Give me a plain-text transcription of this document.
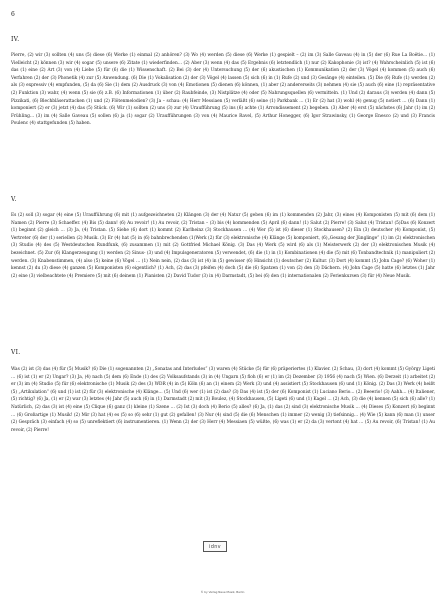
6
IV.
Pierre, (2) wir (3) sollten (4) uns (5) diese (6) Werke (1) einmal (2) anhören? (3) Wo (4) werden (5) diese (6) Werke (1) gespielt – (2) im (3) Salle Gaveau (4) in (5) der (6) Rue La Boëtie… (1) Vielleicht (2) können (3) wir (4) sogar (5) unsere (6) Zitate (1) wiederfinden… (2) Aber (3) wenn (4) das (5) Ergebnis (6) letztendlich (1) nur (2) Kakophonie (3) ist? (4) Wahrscheinlich (5) ist (6) das (1) eine (2) Art (3) von (4) Liebe (5) für (6) die (1) Wissenschaft. (2) Bei (3) der (4) Untersuchung (5) der (6) akustischen (1) Kommunikation (2) der (3) Vögel (4) kommen (5) auch (6) Verfahren (2) der (3) Phonetik (4) zur (5) Anwendung. (6) Die (1) Vokalisation (2) der (3) Vögel (4) lassen (5) sich (6) in (1) Rufe (2) und (3) Gesänge (4) einteilen. (5) Die (6) Rufe (1) werden (2) als (3) expressiv (4) empfunden, (5) da (6) Sie (1) dem (2) Ausdruck (3) von (4) Emotionen (5) dienen (6) können, (1) aber (2) andererseits (3) nehmen (4) sie (5) auch (6) eine (1) repräsentative (2) Funktion (3) wahr, (4) wenn (5) sie (6) z.B. (6) Informationen (1) über (2) Raubfeinde, (3) Nistplätze (4) oder (5) Nahrungsquellen (6) vermitteln. (1) Und (2) daraus (3) werden (4) dann (5) Pizzikati, (6) Blechbläserattacken (1) und (2) Flötenmelodien? (3) Ja – schau: (4) Herr Messiaen (5) verläßt (6) seine (1) Parkbank … (1) Er (2) hat (3) wohl (4) genug (5) notiert … (6) Dann (1) komponiert (2) er (3) jetzt (4) das (5) Stück. (6) Wir (1) sollten (2) uns (3) zur (4) Uraufführung (5) ins (6) achte (1) Arrondissement (2) begeben. (3) Aber (4) erst (5) nächstes (6) Jahr (1) im (2) Frühling… (3) im (4) Salle Gaveau (5) sollen (6) ja (1) sogar (2) Uraufführungen (3) von (4) Maurice Ravel, (5) Arthur Honegger, (6) Igor Strawinsky, (1) George Enesco (2) und (3) Francis Poulenc (4) stattgefunden (5) haben.
V.
Es (2) soll (3) sogar (4) eine (5) Uraufführung (6) mit (1) aufgezeichneten (2) Klängen (3) der (4) Natur (5) geben (6) im (1) kommenden (2) Jahr, (3) eines (4) Komponisten (5) mit (6) dem (1) Namen (2) Pierre (3) Schaeffer. (4) Bis (5) dann! (6) Au revoir! (1) Au revoir, (2) Tristan – (3) bis (4) kommenden (5) April (6) dann! (1) Salut (2) Pierre! (3) Salut (4) Tristan! (5)Das (6) Konzert (1) beginnt (2) gleich … (3) Ja, (4) Tristan. (5) Siehe (6) dort (1) kommt (2) Karlheinz (3) Stockhausen … (4) Wer (5) ist (6) dieser (1) Stockhausen? (2) Ein (3) deutscher (4) Komponist, (5) Vertreter (6) der (1) seriellen (2) Musik. (3) Er (4) hat (5) in (6) bahnbrechenden (1)Werk (2) für (3) elektronische (4) Klänge (5) komponiert, (6)„Gesang der Jünglinge“ (1) im (2) elektronischen (3) Studio (4) des (5) Westdeutschen Rundfunk, (6) zusammen (1) mit (2) Gottfried Michael König. (3) Das (4) Werk (5) wird (6) als (1) Meisterwerk (2) der (3) elektronischen Musik (4) bezeichnet. (5) Zur (6) Klangerzeugung (1) werden (2) Sinus- (3) und (4) Impulsgeneratoren (5) verwendet, (6) die (1) in (1) Kombinationen (4) die (5) mit (6) Tonbandtechnik (1) manipuliert (2) werden. (3) Knabenstimmen, (4) also (5) keine (6) Vögel … (1) Nein nein, (2) das (3) ist (4) in (5) gewisser (6) Hinsicht (1) deutscher (2) Kultur. (3) Dort (4) kommt (5) John Cage? (6) Woher (1) kennst (2) du (3) diese (4) ganzen (5) Komponisten (6) eigentlich? (1) Ach, (2) das (3) pfeifen (4) doch (5) die (6) Spatzen (1) von (2) den (3) Dächern. (4) John Cage (5) hatte (6) letztes (1) Jahr (2) eine (3) vielbeachtete (4) Premiere (5) mit (6) deinem (1) Pianisten (2) David Tudor (3) in (4) Darmstadt, (5) bei (6) den (1) internationalen (2) Ferienkursen (3) für (4) Neue Musik.
VI.
Was (2) ist (3) das (4) für (5) Musik? (6) Die (1) sogenannten (2) „Sonatas and Interludes“ (3) waren (4) Stücke (5) für (6) präperiertes (1) Klavier. (2) Schau, (3) dort (4) kommt (5) György Ligeti … (6) ist (1) er (2) Ungar? (3) Ja, (4) nach (5) dem (6) Ende (1) des (2) Volksaufstands (3) in (4) Ungarn (5) floh (6) er (1) im (2) Dezember (3) 1956 (4) nach (5) Wien. (6) Derzeit (1) arbeitet (2) er (3) im (4) Studio (5) für (6) elektronische (1) Musik (2) des (3) WDR (4) in (5) Köln (6) an (1) einem (2) Werk (3) und (4) assistiert (5) Stockhausen (6) und (1) König. (2) Das (3) Werk (4) heißt (5) „Artikulation“ (6) und (1) ist (2) für (3) elektronische (4) Klänge… (5) Und (6) wer (1) ist (2) das? (3) Das (4) ist (5) der (6) Komponist (1) Luciano Berio… (2) Beeerio! (3) Aahh… (4) Italiener, (5) richtig? (6) Ja, (1) er (2) war (3) letztes (4) Jahr (5) auch (6) in (1) Darmstadt (2) mit (3) Boulez, (4) Stockhausen, (5) Ligeti (6) und (1) Kagel … (2) Ach, (3) die (4) kennen (5) sich (6) alle? (1) Natürlich, (2) das (3) ist (4) eine (5) Clique (6) ganz (1) kleine (1) Szene … (2) Ist (3) doch (4) Berio (5) alles? (6) Ja, (1) das (2) sind (3) elektronische Musik … (4) Dieses (5) Konzert (6) beginnt … (6) Großartige (1) Musik! (2) Mir (3) hat (4) es (5) so (6) sehr (1) gut (2) gefallen! (3) Nur (4) sind (5) die (6) Menschen (1) immer (2) wenig (3) tiefsinnig… (4) Wie (5) kann (6) man (1) unser (2) Gespräch (3) einfach (4) so (5) unreflektiert (6) instrumentieren. (1) Wenn (2) der (3) Herr (4) Messiaen (5) wüßte, (6) was (1) er (2) da (3) vertont (4) hat … (5) Au revoir, (6) Tristan! (1) Au revoir, (2) Pierre!
idnv
© by Verlag Neue Musik, Berlin
